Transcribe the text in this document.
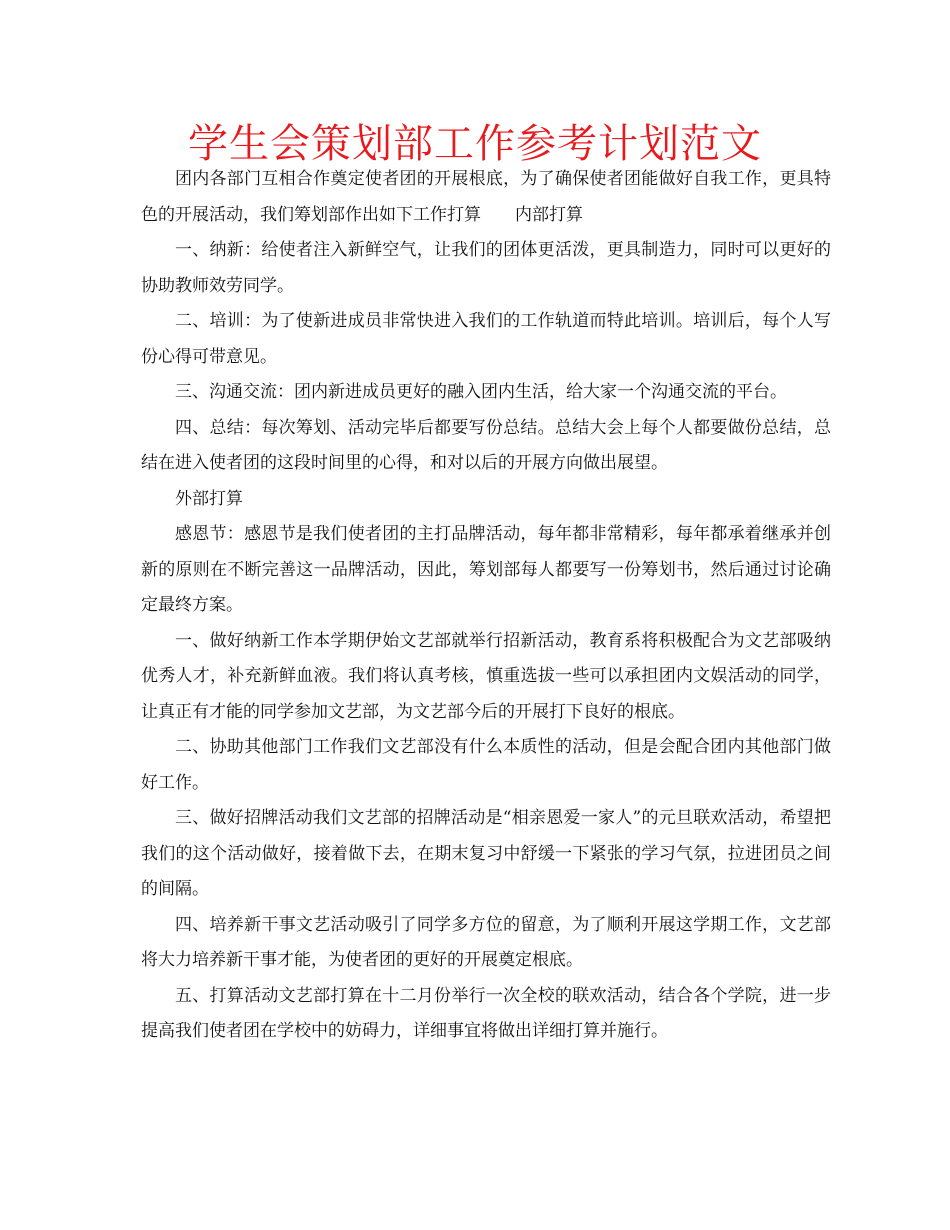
学生会策划部工作参考计划范文

团内各部门互相合作奠定使者团的开展根底，为了确保使者团能做好自我工作，更具特色的开展活动，我们筹划部作出如下工作打算　　内部打算

一、纳新：给使者注入新鲜空气，让我们的团体更活泼，更具制造力，同时可以更好的协助教师效劳同学。

二、培训：为了使新进成员非常快进入我们的工作轨道而特此培训。培训后，每个人写份心得可带意见。

三、沟通交流：团内新进成员更好的融入团内生活，给大家一个沟通交流的平台。

四、总结：每次筹划、活动完毕后都要写份总结。总结大会上每个人都要做份总结，总结在进入使者团的这段时间里的心得，和对以后的开展方向做出展望。

外部打算

感恩节：感恩节是我们使者团的主打品牌活动，每年都非常精彩，每年都承着继承并创新的原则在不断完善这一品牌活动，因此，筹划部每人都要写一份筹划书，然后通过讨论确定最终方案。

一、做好纳新工作本学期伊始文艺部就举行招新活动，教育系将积极配合为文艺部吸纳优秀人才，补充新鲜血液。我们将认真考核，慎重选拔一些可以承担团内文娱活动的同学，让真正有才能的同学参加文艺部，为文艺部今后的开展打下良好的根底。

二、协助其他部门工作我们文艺部没有什么本质性的活动，但是会配合团内其他部门做好工作。

三、做好招牌活动我们文艺部的招牌活动是“相亲恩爱一家人”的元旦联欢活动，希望把我们的这个活动做好，接着做下去，在期末复习中舒缓一下紧张的学习气氛，拉进团员之间的间隔。

四、培养新干事文艺活动吸引了同学多方位的留意，为了顺利开展这学期工作，文艺部将大力培养新干事才能，为使者团的更好的开展奠定根底。

五、打算活动文艺部打算在十二月份举行一次全校的联欢活动，结合各个学院，进一步提高我们使者团在学校中的妨碍力，详细事宜将做出详细打算并施行。
